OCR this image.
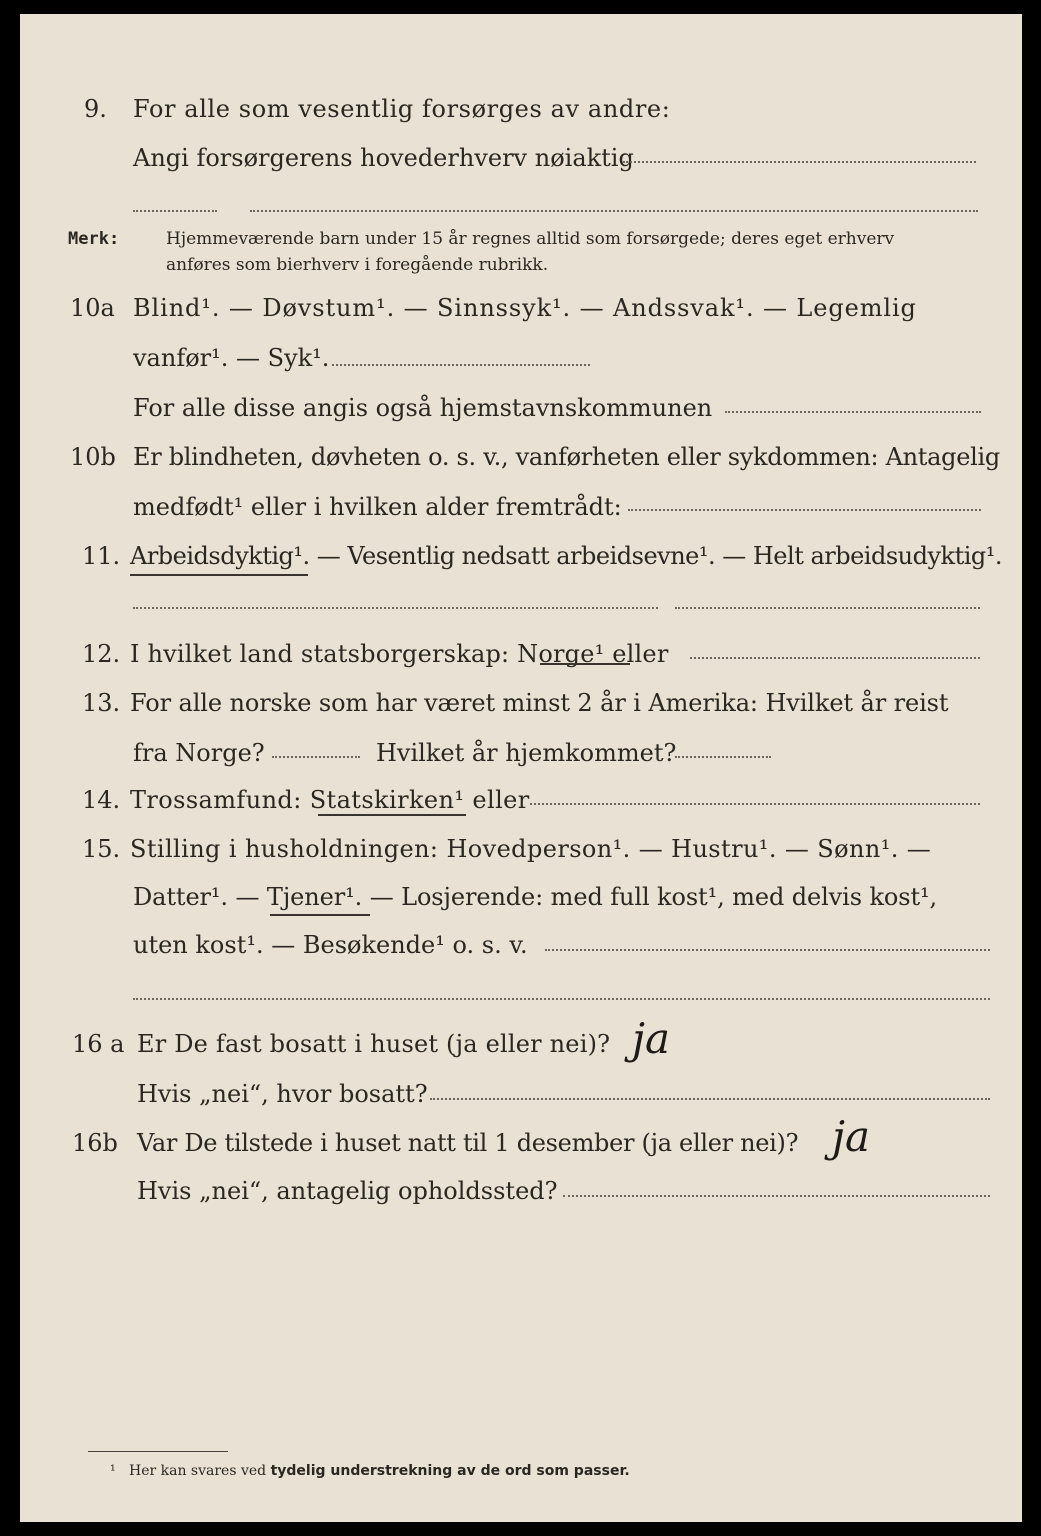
9. For alle som vesentlig forsørges av andre:
Angi forsørgerens hovederhverv nøiaktig
Merk:	Hjemmeværende barn under 15 år regnes alltid som forsørgede; deres eget erhverv
anføres som bierhverv i foregående rubrikk.
10a Blind¹. — Døvstum¹. — Sinnssyk¹. — Andssvak¹. — Legemlig
vanfør¹. — Syk¹.
For alle disse angis også hjemstavnskommunen
10b Er blindheten, døvheten o. s. v., vanførheten eller sykdommen: Antagelig
medfødt¹ eller i hvilken alder fremtrådt:
11. Arbeidsdyktig¹. — Vesentlig nedsatt arbeidsevne¹. — Helt arbeidsudyktig¹.
12. I hvilket land statsborgerskap: Norge¹ eller
13. For alle norske som har været minst 2 år i Amerika: Hvilket år reist
fra Norge?	Hvilket år hjemkommet?
14. Trossamfund: Statskirken¹ eller
15. Stilling i husholdningen: Hovedperson¹. — Hustru¹. — Sønn¹. —
Datter¹. — Tjener¹. — Losjerende: med full kost¹, med delvis kost¹,
uten kost¹. — Besøkende¹ o. s. v.
16 a Er De fast bosatt i huset (ja eller nei)? ja
Hvis „nei“, hvor bosatt?
16b Var De tilstede i huset natt til 1 desember (ja eller nei)? ja
Hvis „nei“, antagelig opholdssted?
¹ Her kan svares ved tydelig understrekning av de ord som passer.
